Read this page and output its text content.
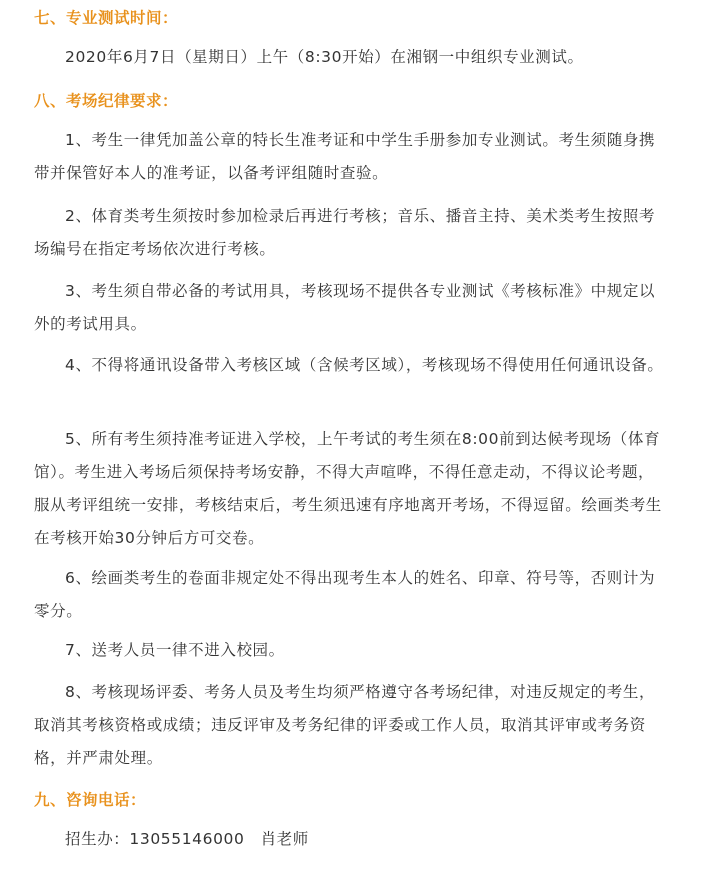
七、专业测试时间：

2020年6月7日（星期日）上午（8:30开始）在湘钢一中组织专业测试。

八、考场纪律要求：

1、考生一律凭加盖公章的特长生准考证和中学生手册参加专业测试。考生须随身携带并保管好本人的准考证，以备考评组随时查验。

2、体育类考生须按时参加检录后再进行考核；音乐、播音主持、美术类考生按照考场编号在指定考场依次进行考核。

3、考生须自带必备的考试用具，考核现场不提供各专业测试《考核标准》中规定以外的考试用具。

4、不得将通讯设备带入考核区域（含候考区域），考核现场不得使用任何通讯设备。

5、所有考生须持准考证进入学校，上午考试的考生须在8:00前到达候考现场（体育馆）。考生进入考场后须保持考场安静，不得大声喧哗，不得任意走动，不得议论考题，服从考评组统一安排，考核结束后，考生须迅速有序地离开考场，不得逗留。绘画类考生在考核开始30分钟后方可交卷。

6、绘画类考生的卷面非规定处不得出现考生本人的姓名、印章、符号等，否则计为零分。

7、送考人员一律不进入校园。

8、考核现场评委、考务人员及考生均须严格遵守各考场纪律，对违反规定的考生，取消其考核资格或成绩；违反评审及考务纪律的评委或工作人员，取消其评审或考务资格，并严肃处理。

九、咨询电话：

招生办：13055146000　肖老师
